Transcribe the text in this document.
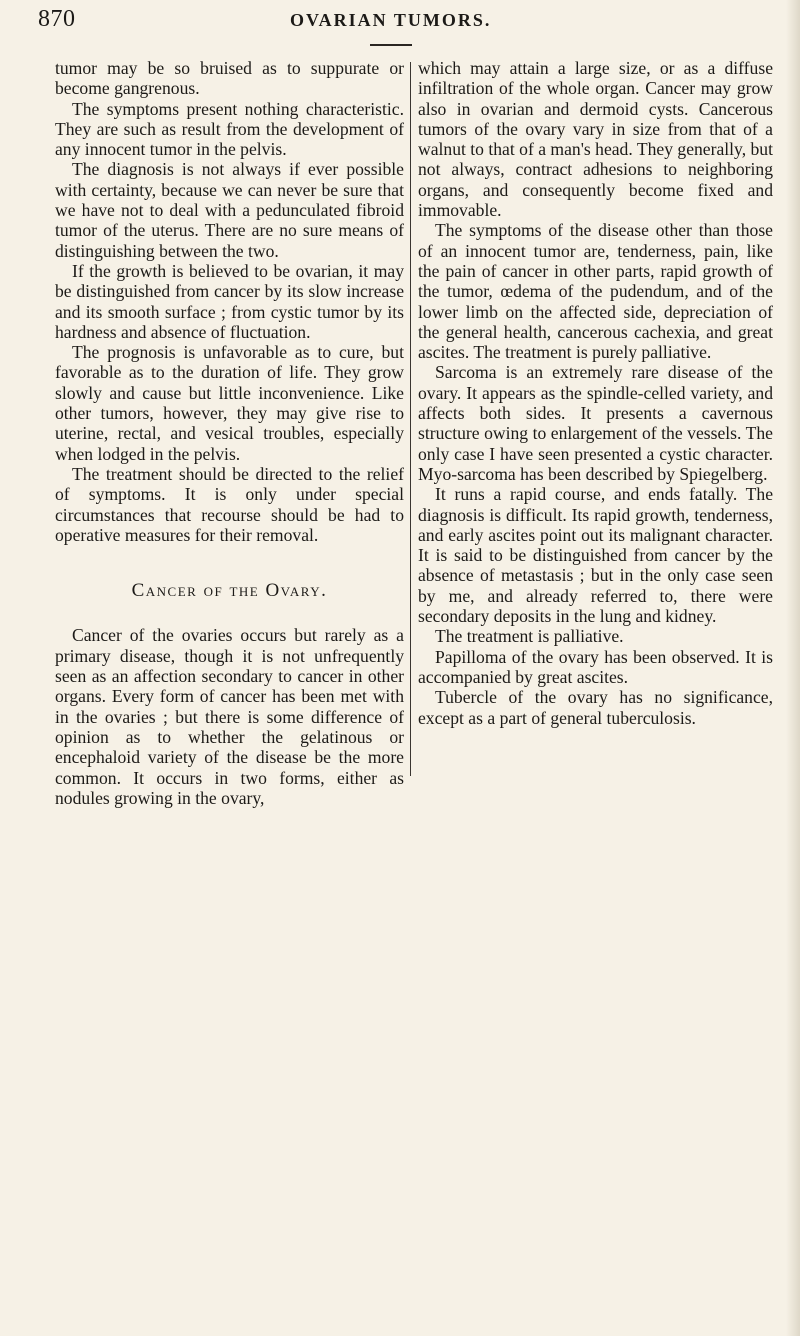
870	OVARIAN TUMORS.

tumor may be so bruised as to suppurate or become gangrenous.

The symptoms present nothing characteristic. They are such as result from the development of any innocent tumor in the pelvis.

The diagnosis is not always if ever possible with certainty, because we can never be sure that we have not to deal with a pedunculated fibroid tumor of the uterus. There are no sure means of distinguishing between the two.

If the growth is believed to be ovarian, it may be distinguished from cancer by its slow increase and its smooth surface ; from cystic tumor by its hardness and absence of fluctuation.

The prognosis is unfavorable as to cure, but favorable as to the duration of life. They grow slowly and cause but little inconvenience. Like other tumors, however, they may give rise to uterine, rectal, and vesical troubles, especially when lodged in the pelvis.

The treatment should be directed to the relief of symptoms. It is only under special circumstances that recourse should be had to operative measures for their removal.

Cancer of the Ovary.

Cancer of the ovaries occurs but rarely as a primary disease, though it is not unfrequently seen as an affection secondary to cancer in other organs. Every form of cancer has been met with in the ovaries ; but there is some difference of opinion as to whether the gelatinous or encephaloid variety of the disease be the more common. It occurs in two forms, either as nodules growing in the ovary,

which may attain a large size, or as a diffuse infiltration of the whole organ. Cancer may grow also in ovarian and dermoid cysts. Cancerous tumors of the ovary vary in size from that of a walnut to that of a man's head. They generally, but not always, contract adhesions to neighboring organs, and consequently become fixed and immovable.

The symptoms of the disease other than those of an innocent tumor are, tenderness, pain, like the pain of cancer in other parts, rapid growth of the tumor, œdema of the pudendum, and of the lower limb on the affected side, depreciation of the general health, cancerous cachexia, and great ascites. The treatment is purely palliative.

Sarcoma is an extremely rare disease of the ovary. It appears as the spindle-celled variety, and affects both sides. It presents a cavernous structure owing to enlargement of the vessels. The only case I have seen presented a cystic character. Myo-sarcoma has been described by Spiegelberg.

It runs a rapid course, and ends fatally. The diagnosis is difficult. Its rapid growth, tenderness, and early ascites point out its malignant character. It is said to be distinguished from cancer by the absence of metastasis ; but in the only case seen by me, and already referred to, there were secondary deposits in the lung and kidney.

The treatment is palliative.

Papilloma of the ovary has been observed. It is accompanied by great ascites.

Tubercle of the ovary has no significance, except as a part of general tuberculosis.
